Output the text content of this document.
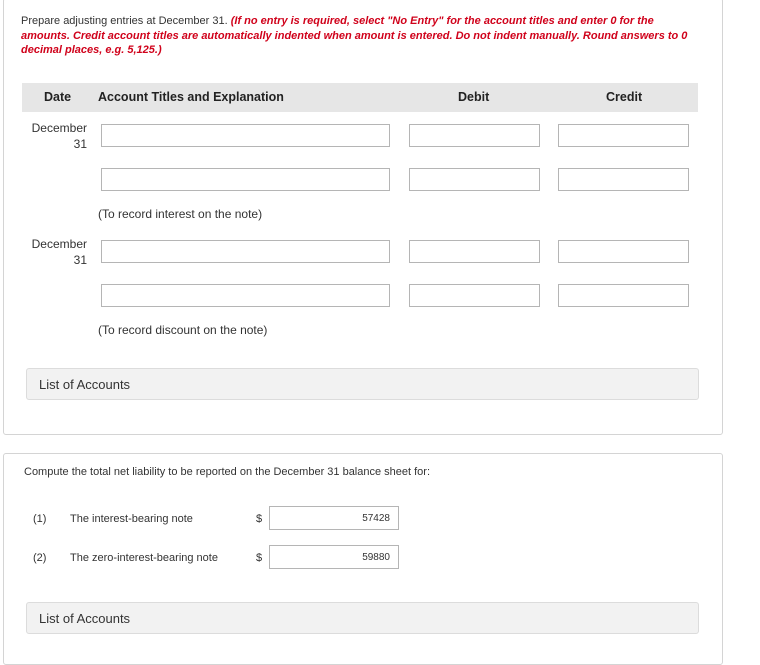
Prepare adjusting entries at December 31. (If no entry is required, select "No Entry" for the account titles and enter 0 for the amounts. Credit account titles are automatically indented when amount is entered. Do not indent manually. Round answers to 0 decimal places, e.g. 5,125.)
Date Account Titles and Explanation	Debit	Credit
December
31
(To record interest on the note)
December
31
(To record discount on the note)
List of Accounts
Compute the total net liability to be reported on the December 31 balance sheet for:
(1) The interest-bearing note	$	57428
(2) The zero-interest-bearing note	$	59880
List of Accounts
